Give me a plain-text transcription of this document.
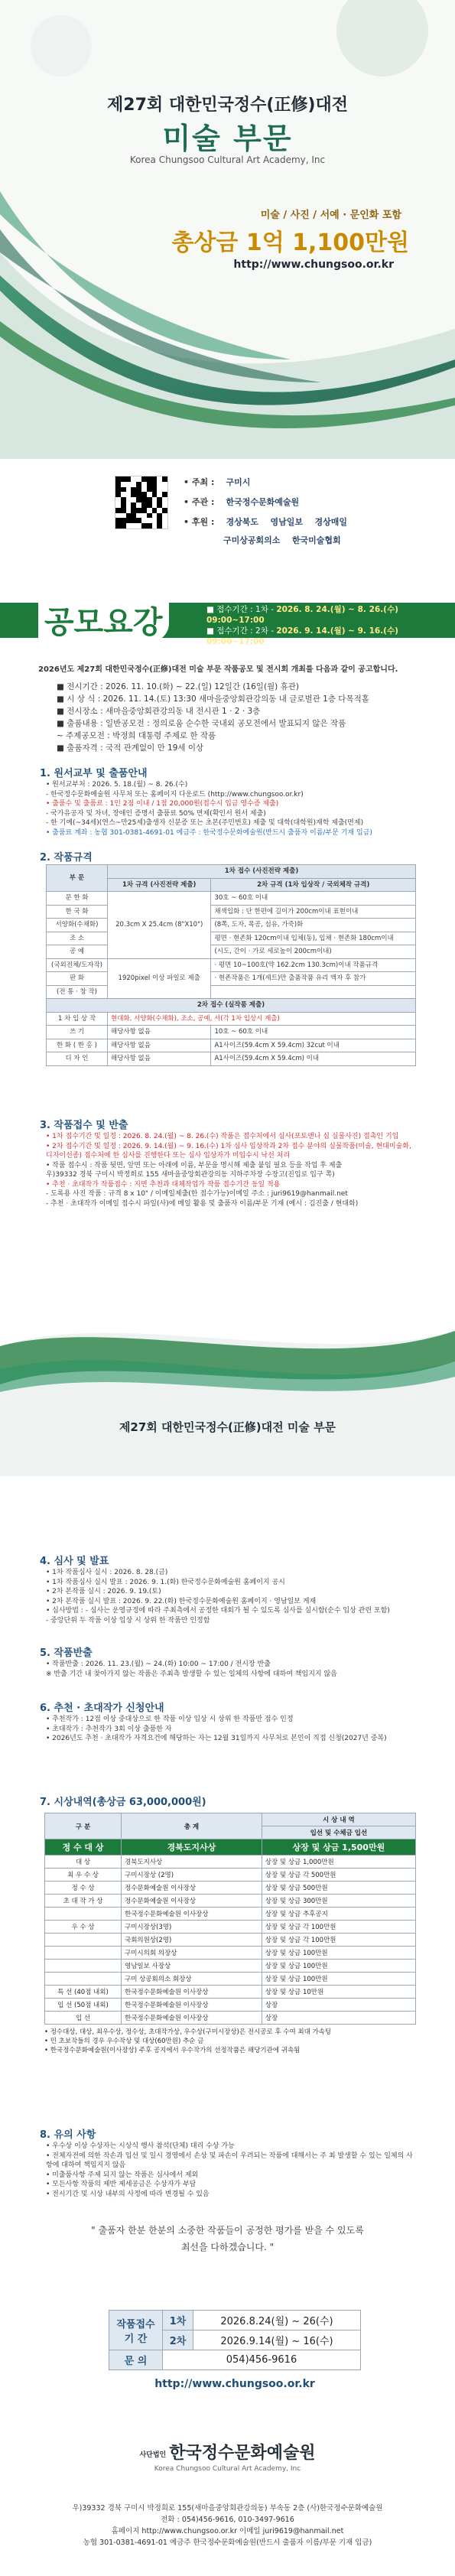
제27회 대한민국정수(正修)대전
미술 부문
Korea Chungsoo Cultural Art Academy, Inc
미술 / 사진 / 서예 · 문인화 포함
총상금 1억 1,100만원
http://www.chungsoo.or.kr
• 주최 : 구미시
• 주관 : 한국정수문화예술원
• 후원 : 경상북도 영남일보 경상매일
구미상공회의소 한국미술협회
공모요강	■ 접수기간 : 1차 - 2026. 8. 24.(월) ~ 8. 26.(수) 09:00~17:00
■ 접수기간 : 2차 - 2026. 9. 14.(월) ~ 9. 16.(수) 09:00~17:00
■ 접수장소 : 새마을중앙회관강의동 지하주차장 수장고(진입로 입구 쪽)
2026년도 제27회 대한민국정수(正修)대전 미술 부문 작품공모 및 전시회 개최를 다음과 같이 공고합니다.
■ 전시기간 : 2026. 11. 10.(화) ~ 22.(일) 12일간 (16일(월) 휴관)
■ 시 상 식 : 2026. 11. 14.(토) 13:30 새마을중앙회관강의동 내 글로벌관 1층 다목적홀
■ 전시장소 : 새마을중앙회관강의동 내 전시관 1 · 2 · 3층
■ 출품내용 : 일반공모전 : 정의로움 순수한 국내외 공모전에서 발표되지 않은 작품
~ 주제공모전 : 박정희 대통령 주제로 한 작품
■ 출품자격 : 국적 관계없이 만 19세 이상
1. 원서교부 및 출품안내
• 원서교부처 : 2026. 5. 18.(월) ~ 8. 26.(수)
- 한국정수문화예술원 사무처 또는 홈페이지 다운로드 (http://www.chungsoo.or.kr)
• 출품수 및 출품료 : 1인 2점 이내 / 1점 20,000원(접수시 입금 영수증 제출)
- 국가유공자 및 차녀, 장애인 증명서 출품료 50% 면제(확인서 원서 제출)
- 한 기예(~34세)(연스~만25세)출생자 신분증 또는 초본(주민번호) 제출 및 대학(대학원)재학 제출(면제)
• 출품료 계좌 : 농협 301-0381-4691-01 예금주 : 한국정수문화예술원(반드시 출품자 이름/부문 기재 입금)
2. 작품규격
부 문	1차 접수 (사진전략 제출)	
	1차 규격 (사진전략 제출)	2차 규격 (1차 입상작 / 국외체작 규격)
문 한 화	20.3cm X 25.4cm (8"X10")	30호 ~ 60호 이내
한 국 화		채색입화 : 단 한편에 길이가 200cm이내 표현이내
서양화(수채화)		(8쪽, 도자, 목공, 섬유, 가죽)화
조 소		평면 · 현존화 120cm이내 입체(동), 입체 · 현존화 180cm이내
공 예		(시도, 간이 · 가로 세로높이 200cm이내)
(국외전체/도자작)	1920pixel 이상 파일로 제출	· 평면 10~100호(약 162.2cm 130.3cm)이내 작품규격
판 화		· 현존작품은 1개(세트)만 출품작품 유리 액자 후 참가
(전 통 · 창 작)		
2차 접수 (실작품 제출)		
1 차 입 상 작	현대화, 서양화(수채화), 조소, 공예, 서(각 1차 입상시 제출)	
쓰 기	해당사항 없음	10호 ~ 60호 이내
한 화 ( 한 홍 )	해당사항 없음	A1사이즈(59.4cm X 59.4cm) 32cut 이내
디 자 인	해당사항 없음	A1사이즈(59.4cm X 59.4cm) 이내
3. 작품접수 및 반출
• 1차 접수기간 및 일정 : 2026. 8. 24.(월) ~ 8. 26.(수) 작품은 접수처에서 심사(포토앤나 심 실물사진) 접촉인 기입
• 2차 접수기간 및 일정 : 2026. 9. 14.(월) ~ 9. 16.(수) 1차 심사 입상작과 2차 접수 분야의 실물작품(미술, 현대미술화, 디자이선종) 접수처에 한 심사를 진행한다 또는 심사 입상자가 미입수시 낙선 처리
• 작품 접수시 : 작품 뒷면, 앞면 또는 아래에 이름, 부문을 명시해 제출 붙임 필요 등을 작업 후 제출
우)39332 경북 구미시 박정희로 155 새마을중앙회관강의동 지하주차장 수장고(진입로 입구 쪽)
• 추천 · 초대작가 작품접수 : 지면 추천과 대체작업가 작품 접수기간 동일 적용
- 도록용 사진 작품 : 규격 8 x 10" / 이메일제출(한 접수가능)이메일 주소 : juri9619@hanmail.net
- 추천 · 초대작가 이메일 접수시 파일(사)에 메일 활용 및 출품자 이름/부문 기재 (예시 : 김진출 / 현대화)
제27회 대한민국정수(正修)대전 미술 부문
4. 심사 및 발표
• 1차 작품심사 실시 : 2026. 8. 28.(금)
• 1차 작품심사 실시 발표 : 2026. 9. 1.(화) 한국정수문화예술원 홈페이지 공시
• 2차 본작품 실시 : 2026. 9. 19.(토)
• 2차 본작품 실시 발표 : 2026. 9. 22.(화) 한국정수문화예술원 홈페이지 · 영남일보 게재
• 심사방법 : - 심사는 운영규정에 따라 주최측에서 공정한 대회가 될 수 있도록 심사를 실시함(순수 입상 관련 포함)
- 중앙단위 두 작품 이상 입상 시 상위 한 작품만 인정함
5. 작품반출
• 작품반출 : 2026. 11. 23.(월) ~ 24.(화) 10:00 ~ 17:00 / 전시장 반출
※ 반출 기간 내 찾아가지 않는 작품은 주최측 발생할 수 있는 일체의 사항에 대하여 책임지지 않음
6. 추천 · 초대작가 신청안내
• 추천작가 : 12점 이상 중대상으로 한 작품 이상 입상 시 상위 한 작품만 점수 인정
• 초대작가 : 추천작가 3회 이상 출품한 자
• 2026년도 추천 · 초대작가 자격요건에 해당하는 자는 12월 31일까지 사무처로 본인이 직접 신청(2027년 중복)
7. 시상내역(총상금 63,000,000원)
구 분	총 계	시 상 내 역
		입선 및 수체금 입선
정 수 대 상	경북도지사상	상장 및 상금 1,500만원
대 상	경북도지사상	상장 및 상금 1,000만원
최 우 수 상	구미시장상 (2명)	상장 및 상금 각 500만원
정 수 상	정수문화예술원 이사장상	상장 및 상금 500만원
초 대 작 가 상	정수문화예술원 이사장상	상장 및 상금 300만원
	한국정수문화예술원 이사장상	상장 및 상금 추후공지
우 수 상	구미시장상(3명)	상장 및 상금 각 100만원
	국회의원상(2명)	상장 및 상금 각 100만원
	구미시의회 의장상	상장 및 상금 100만원
	영남일보 사장상	상장 및 상금 100만원
	구미 상공회의소 회장상	상장 및 상금 100만원
특 선 (40점 내외)	한국정수문화예술원 이사장상	상장 및 상금 10만원
입 선 (50점 내외)	한국정수문화예술원 이사장상	상장
입 선	한국정수문화예술원 이사장상	상장
• 정수대상, 대상, 최우수상, 정수상, 초대작가상, 우수상(구미시장상)은 전시공로 후 수여 최대 가속팅
• 민 초보작들의 경우 우수작상 및 대상(60만원) 추순 금
• 한국정수문화예술원(이사장상) 주후 공지에서 우수작가의 선정작품은 해당기관에 귀속됨
8. 유의 사항
• 우수상 이상 수상자는 시상식 행사 참석(단체) 대리 수상 가능
• 전체자전에 의한 작손과 입선 및 일시 경영에서 손상 및 파손이 우려되는 작품에 대해서는 주 최 발생할 수 있는 일체의 사항에 대하여 책임지지 않음
• 미출품사항 주제 되지 않는 작품은 심사에서 제외
• 모든사항 작품의 제반 제세공금은 수상자가 부담
• 전시기간 및 시상 내부의 사정에 따라 변경될 수 있음
" 출품자 한분 한분의 소중한 작품들이 공정한 평가를 받을 수 있도록
최선을 다하겠습니다. "
작품접수
기 간	1차	2026.8.24(월) ~ 26(수)
	2차	2026.9.14(월) ~ 16(수)
문 의	054)456-9616	
http://www.chungsoo.or.kr
사단법인 한국정수문화예술원
Korea Chungsoo Cultural Art Academy, Inc
우)39332 경북 구미시 박정희로 155(새마을중앙회관강의동) 부속동 2층 (사)한국정수문화예술원
전화 : 054)456-9616, 010-3497-9616
홈페이지 http://www.chungsoo.or.kr 이메일 juri9619@hanmail.net
농협 301-0381-4691-01 예금주 한국정수문화예술원(반드시 출품자 이름/부문 기재 입금)
